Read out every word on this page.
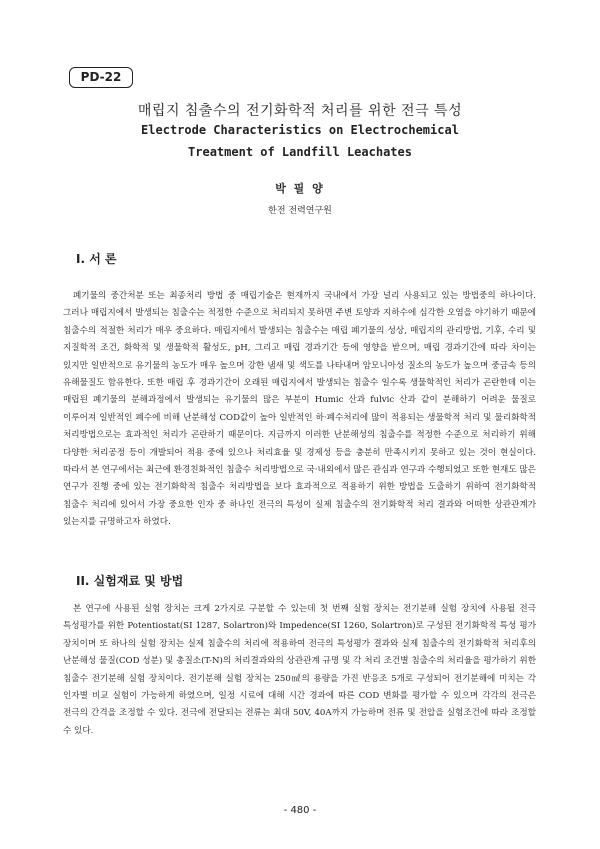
PD-22
매립지 침출수의 전기화학적 처리를 위한 전극 특성
Electrode Characteristics on Electrochemical
Treatment of Landfill Leachates
박 필 양
한전 전력연구원
I. 서 론

폐기물의 중간처분 또는 최종처리 방법 중 매립기술은 현재까지 국내에서 가장 널리 사용되고 있는 방법중의 하나이다. 그러나 매립지에서 발생되는 침출수는 적정한 수준으로 처리되지 못하면 주변 토양과 지하수에 심각한 오염을 야기하기 때문에 침출수의 적절한 처리가 매우 중요하다. 매립지에서 발생되는 침출수는 매립 폐기물의 성상, 매립지의 관리방법, 기후, 수리 및 지질학적 조건, 화학적 및 생물학적 활성도, pH, 그리고 매립 경과기간 등에 영향을 받으며, 매립 경과기간에 따라 차이는 있지만 일반적으로 유기물의 농도가 매우 높으며 강한 냄새 및 색도를 나타내며 암모니아성 질소의 농도가 높으며 중금속 등의 유해물질도 함유한다. 또한 매립 후 경과기간이 오래된 매립지에서 발생되는 침출수 일수록 생물학적인 처리가 곤란한데 이는 매립된 폐기물의 분해과정에서 발생되는 유기물의 많은 부분이 Humic 산과 fulvic 산과 같이 분해하기 어려운 물질로 이루어져 일반적인 폐수에 비해 난분해성 COD값이 높아 일반적인 하·폐수처리에 많이 적용되는 생물학적 처리 및 물리화학적 처리방법으로는 효과적인 처리가 곤란하기 때문이다. 지금까지 이러한 난분해성의 침출수를 적정한 수준으로 처리하기 위해 다양한 처리공정 등이 개발되어 적용 중에 있으나 처리효율 및 경제성 등을 충분히 만족시키지 못하고 있는 것이 현실이다. 따라서 본 연구에서는 최근에 환경친화적인 침출수 처리방법으로 국·내외에서 많은 관심과 연구과 수행되었고 또한 현재도 많은 연구가 진행 중에 있는 전기화학적 침출수 처리방법을 보다 효과적으로 적용하기 위한 방법을 도출하기 위하여 전기화학적 침출수 처리에 있어서 가장 중요한 인자 중 하나인 전극의 특성이 실제 침출수의 전기화학적 처리 결과와 어떠한 상관관계가 있는지를 규명하고자 하였다.

II. 실험재료 및 방법

본 연구에 사용된 실험 장치는 크게 2가지로 구분할 수 있는데 첫 번째 실험 장치는 전기분해 실험 장치에 사용될 전극 특성평가를 위한 Potentiostat(SI 1287, Solartron)와 Impedence(SI 1260, Solartron)로 구성된 전기화학적 특성 평가 장치이며 또 하나의 실험 장치는 실제 침출수의 처리에 적용하여 전극의 특성평가 결과와 실제 침출수의 전기화학적 처리후의 난분해성 물질(COD 성분) 및 총질소(T-N)의 처리결과와의 상관관계 규명 및 각 처리 조건별 침출수의 처리율을 평가하기 위한 침출수 전기분해 실험 장치이다. 전기분해 실험 장치는 250㎖의 용량을 가진 반응조 5개로 구성되어 전기분해에 미치는 각 인자별 비교 실험이 가능하게 하였으며, 일정 시료에 대해 시간 경과에 따른 COD 변화를 평가할 수 있으며 각각의 전극은 전극의 간격을 조정할 수 있다. 전극에 전달되는 전류는 최대 50V, 40A까지 가능하며 전류 및 전압을 실험조건에 따라 조정할 수 있다.

- 480 -
